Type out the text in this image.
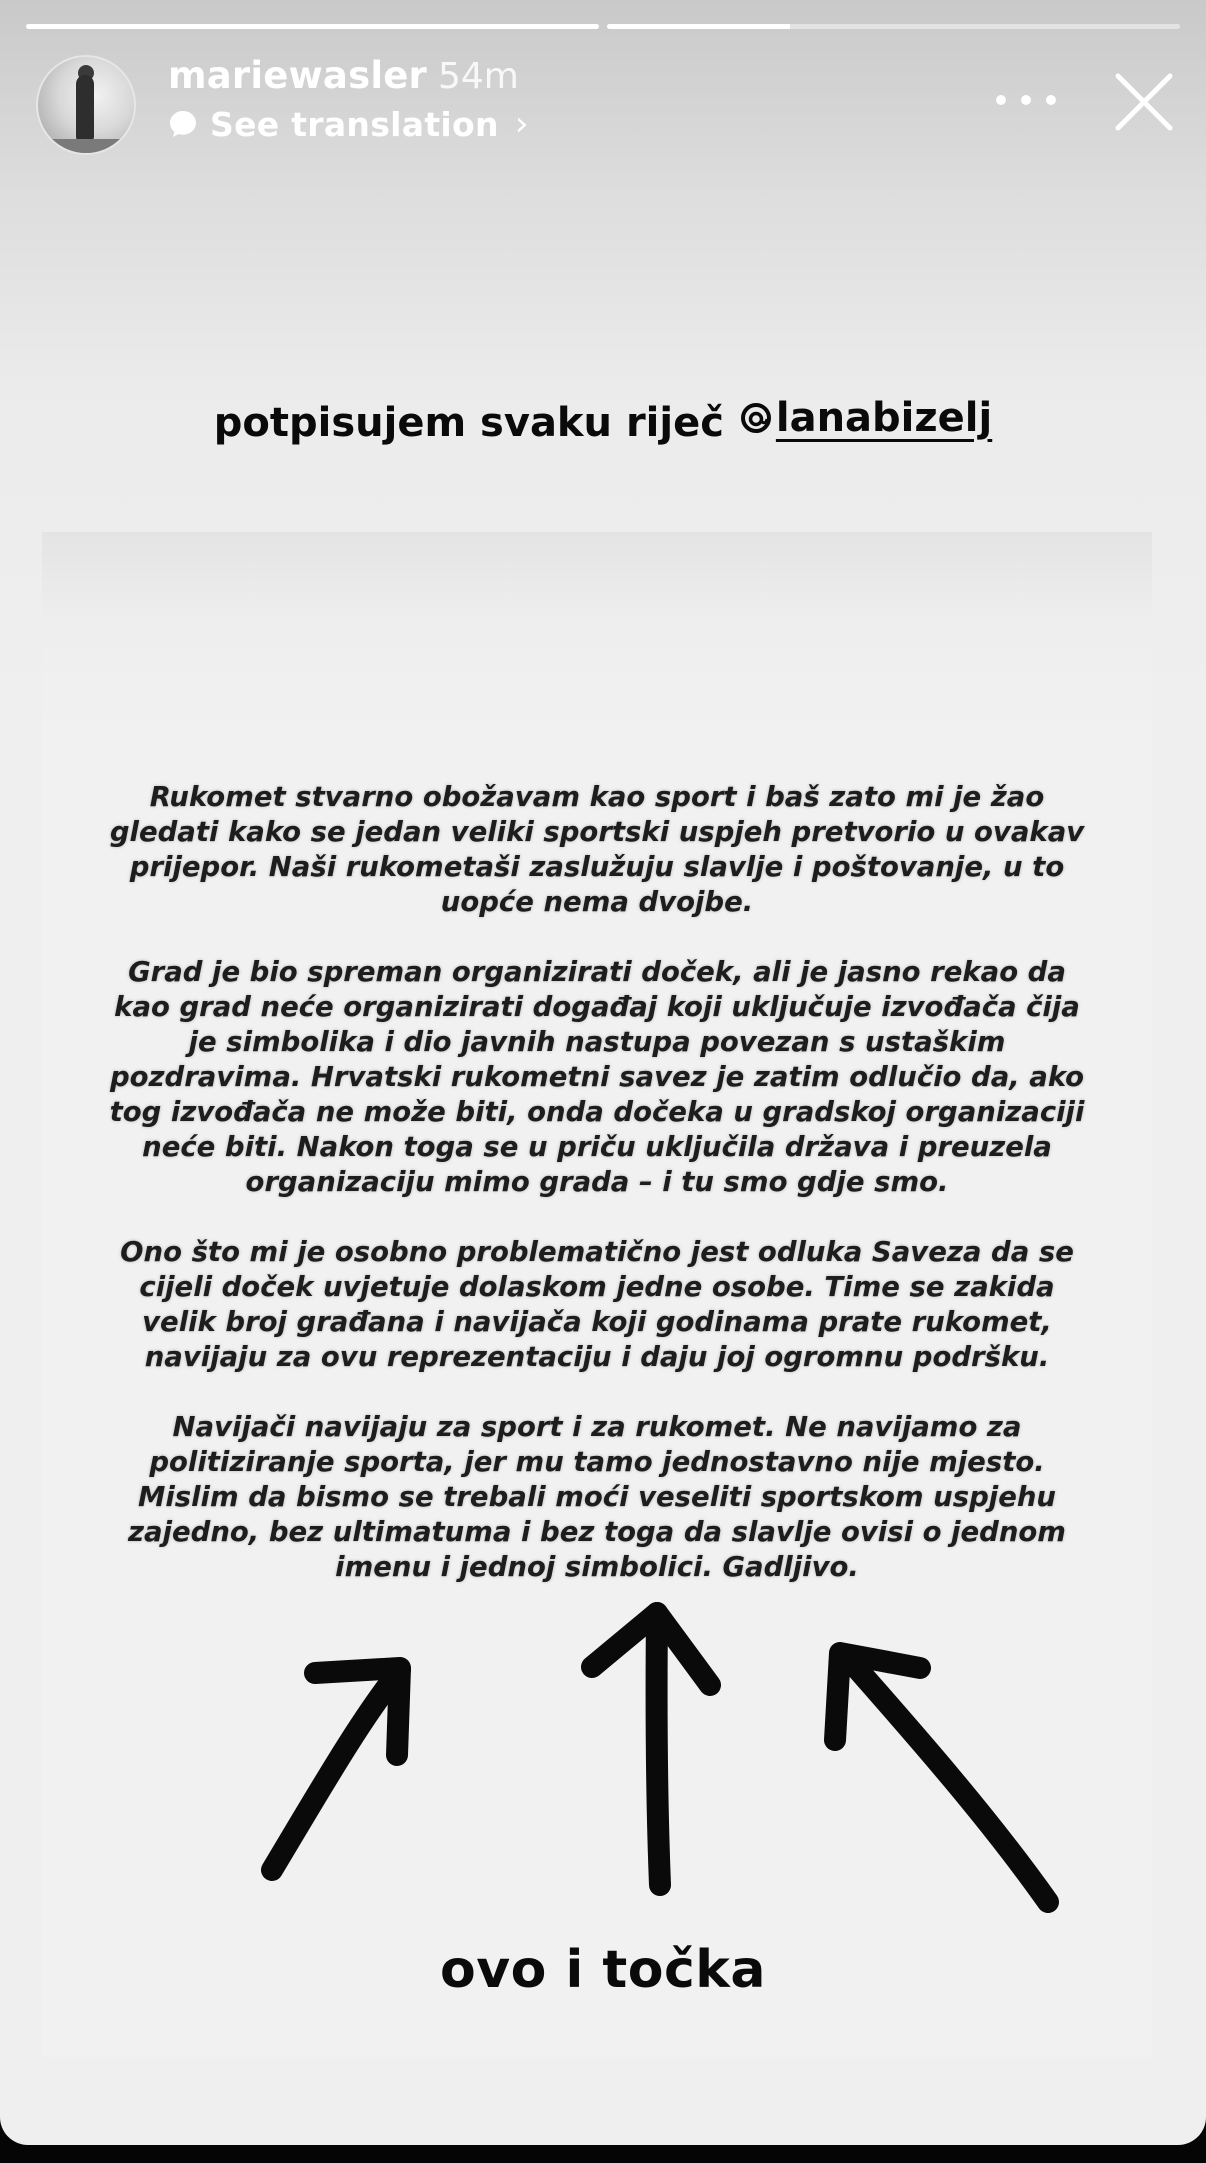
mariewasler 54m
See translation ›
potpisujem svaku riječ lanabizelj

Rukomet stvarno obožavam kao sport i baš zato mi je žao gledati kako se jedan veliki sportski uspjeh pretvorio u ovakav prijepor. Naši rukometaši zaslužuju slavlje i poštovanje, u to uopće nema dvojbe.

Grad je bio spreman organizirati doček, ali je jasno rekao da kao grad neće organizirati događaj koji uključuje izvođača čija je simbolika i dio javnih nastupa povezan s ustaškim pozdravima. Hrvatski rukometni savez je zatim odlučio da, ako tog izvođača ne može biti, onda dočeka u gradskoj organizaciji neće biti. Nakon toga se u priču uključila država i preuzela organizaciju mimo grada – i tu smo gdje smo.

Ono što mi je osobno problematično jest odluka Saveza da se cijeli doček uvjetuje dolaskom jedne osobe. Time se zakida velik broj građana i navijača koji godinama prate rukomet, navijaju za ovu reprezentaciju i daju joj ogromnu podršku.

Navijači navijaju za sport i za rukomet. Ne navijamo za politiziranje sporta, jer mu tamo jednostavno nije mjesto. Mislim da bismo se trebali moći veseliti sportskom uspjehu zajedno, bez ultimatuma i bez toga da slavlje ovisi o jednom imenu i jednoj simbolici. Gadljivo.

ovo i točka
